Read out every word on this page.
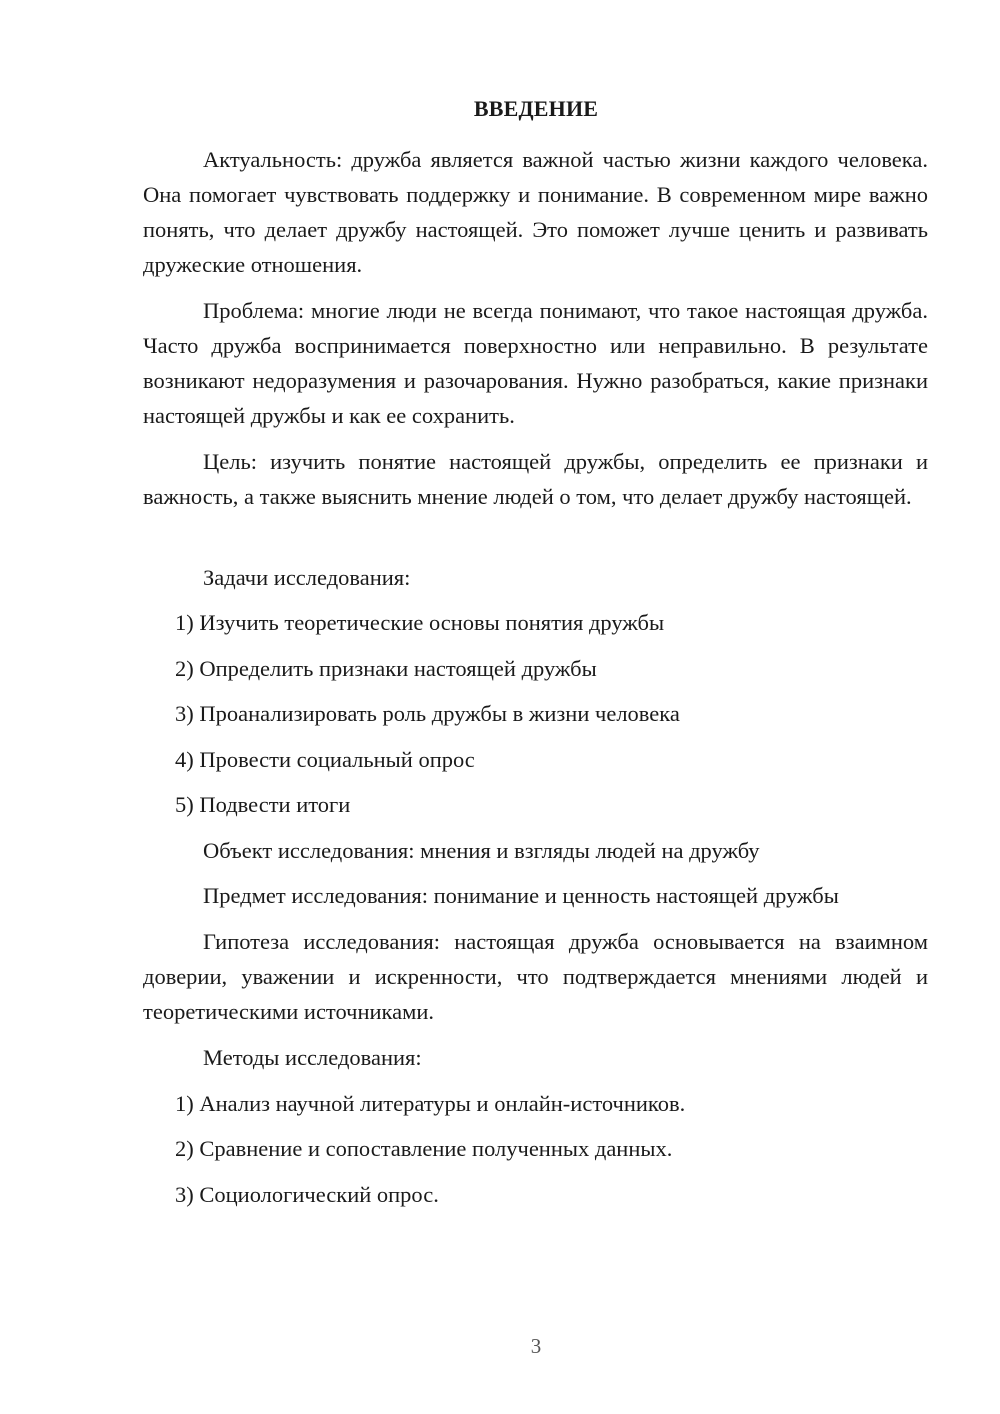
ВВЕДЕНИЕ

Актуальность: дружба является важной частью жизни каждого человека. Она помогает чувствовать поддержку и понимание. В современном мире важно понять, что делает дружбу настоящей. Это поможет лучше ценить и развивать дружеские отношения.

Проблема: многие люди не всегда понимают, что такое настоящая дружба. Часто дружба воспринимается поверхностно или неправильно. В результате возникают недоразумения и разочарования. Нужно разобраться, какие признаки настоящей дружбы и как ее сохранить.

Цель: изучить понятие настоящей дружбы, определить ее признаки и важность, а также выяснить мнение людей о том, что делает дружбу настоящей.

Задачи исследования:

1) Изучить теоретические основы понятия дружбы

2) Определить признаки настоящей дружбы

3) Проанализировать роль дружбы в жизни человека

4) Провести социальный опрос

5) Подвести итоги

Объект исследования: мнения и взгляды людей на дружбу

Предмет исследования: понимание и ценность настоящей дружбы

Гипотеза исследования: настоящая дружба основывается на взаимном доверии, уважении и искренности, что подтверждается мнениями людей и теоретическими источниками.

Методы исследования:

1) Анализ научной литературы и онлайн-источников.

2) Сравнение и сопоставление полученных данных.

3) Социологический опрос.

3
